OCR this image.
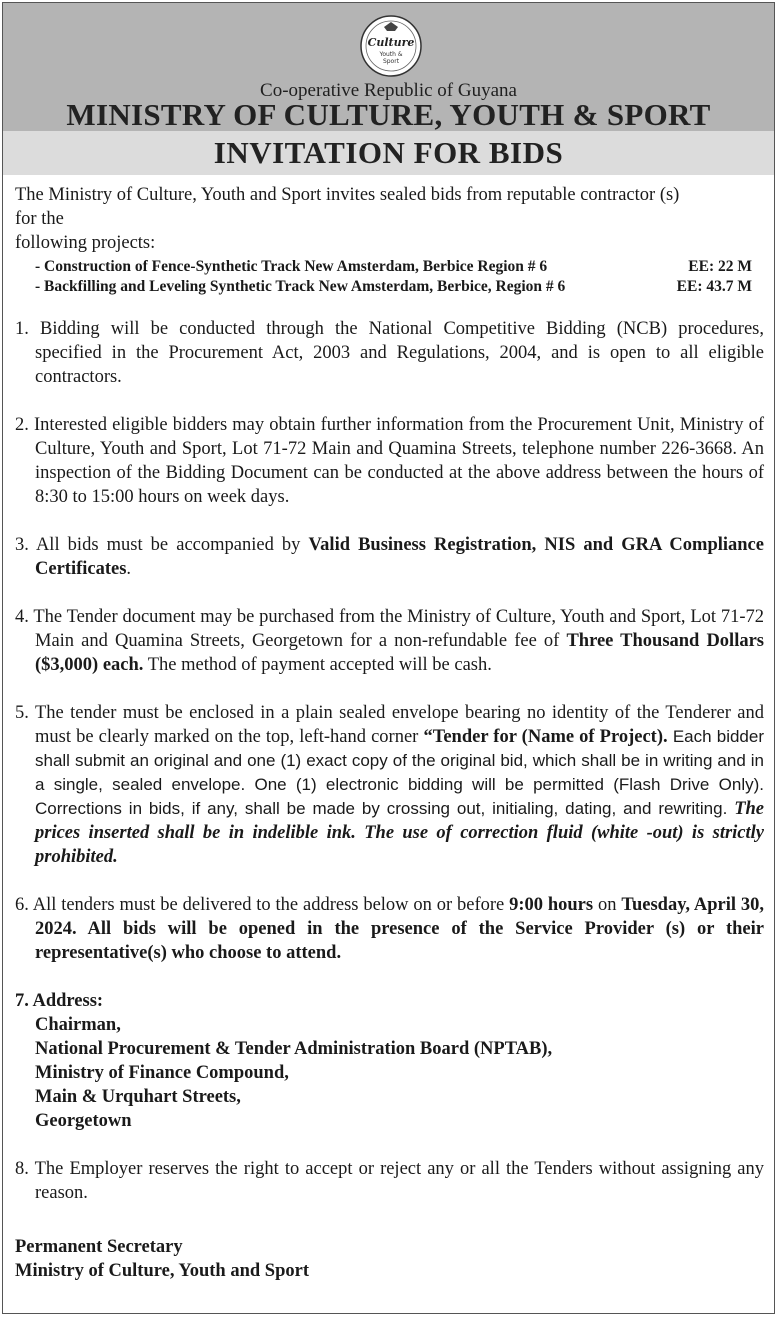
Culture
Youth &
Sport
Co-operative Republic of Guyana
MINISTRY OF CULTURE, YOUTH & SPORT
INVITATION FOR BIDS

The Ministry of Culture, Youth and Sport invites sealed bids from reputable contractor (s)
for the
following projects:

- Construction of Fence-Synthetic Track New Amsterdam, Berbice Region # 6	EE: 22 M
- Backfilling and Leveling Synthetic Track New Amsterdam, Berbice, Region # 6	EE: 43.7 M

1. Bidding will be conducted through the National Competitive Bidding (NCB) procedures, specified in the Procurement Act, 2003 and Regulations, 2004, and is open to all eligible contractors.

2. Interested eligible bidders may obtain further information from the Procurement Unit, Ministry of Culture, Youth and Sport, Lot 71-72 Main and Quamina Streets, telephone number 226-3668. An inspection of the Bidding Document can be conducted at the above address between the hours of 8:30 to 15:00 hours on week days.

3. All bids must be accompanied by Valid Business Registration, NIS and GRA Compliance Certificates.

4. The Tender document may be purchased from the Ministry of Culture, Youth and Sport, Lot 71-72 Main and Quamina Streets, Georgetown for a non-refundable fee of Three Thousand Dollars ($3,000) each. The method of payment accepted will be cash.

5. The tender must be enclosed in a plain sealed envelope bearing no identity of the Tenderer and must be clearly marked on the top, left-hand corner “Tender for (Name of Project). Each bidder shall submit an original and one (1) exact copy of the original bid, which shall be in writing and in a single, sealed envelope. One (1) electronic bidding will be permitted (Flash Drive Only). Corrections in bids, if any, shall be made by crossing out, initialing, dating, and rewriting. The prices inserted shall be in indelible ink. The use of correction fluid (white -out) is strictly prohibited.

6. All tenders must be delivered to the address below on or before 9:00 hours on Tuesday, April 30, 2024. All bids will be opened in the presence of the Service Provider (s) or their representative(s) who choose to attend.

7. Address:
Chairman,
National Procurement & Tender Administration Board (NPTAB),
Ministry of Finance Compound,
Main & Urquhart Streets,
Georgetown

8. The Employer reserves the right to accept or reject any or all the Tenders without assigning any reason.

Permanent Secretary
Ministry of Culture, Youth and Sport
